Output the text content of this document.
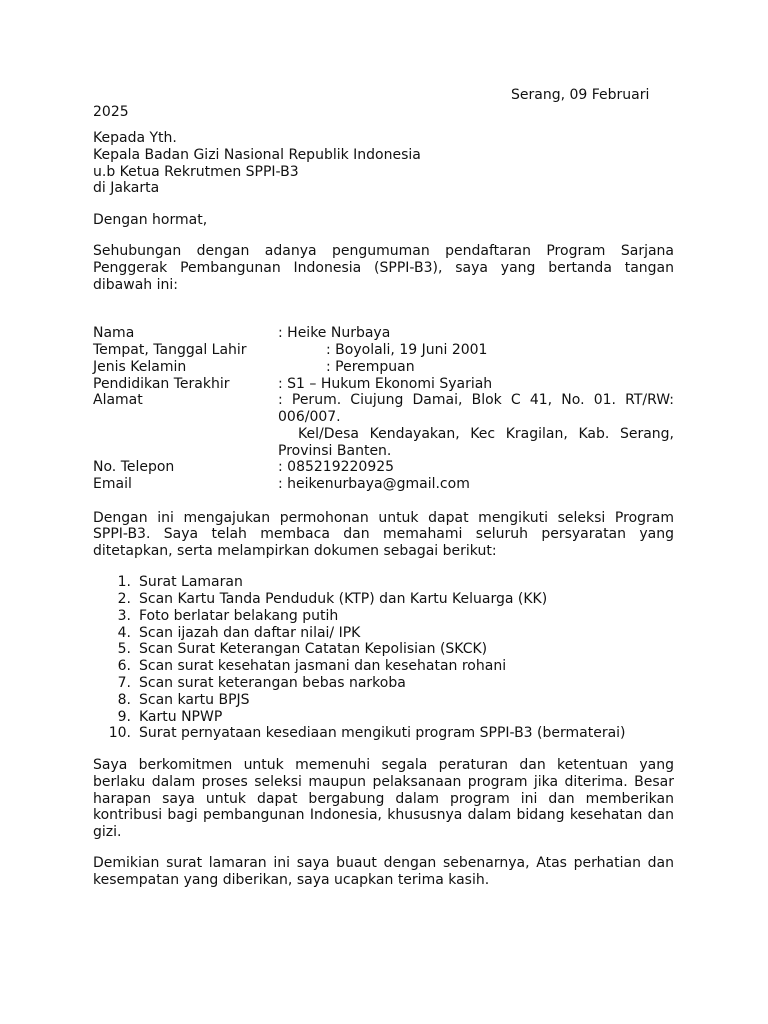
Serang, 09 Februari
2025
Kepada Yth.
Kepala Badan Gizi Nasional Republik Indonesia
u.b Ketua Rekrutmen SPPI-B3
di Jakarta
Dengan hormat,
Sehubungan dengan adanya pengumuman pendaftaran Program Sarjana
Penggerak Pembangunan Indonesia (SPPI-B3), saya yang bertanda tangan
dibawah ini:
Nama	: Heike Nurbaya
Tempat, Tanggal Lahir	: Boyolali, 19 Juni 2001
Jenis Kelamin	: Perempuan
Pendidikan Terakhir	: S1 – Hukum Ekonomi Syariah
Alamat	: Perum. Ciujung Damai, Blok C 41, No. 01. RT/RW:
006/007.
Kel/Desa Kendayakan, Kec Kragilan, Kab. Serang,
Provinsi Banten.
No. Telepon	: 085219220925
Email	: heikenurbaya@gmail.com
Dengan ini mengajukan permohonan untuk dapat mengikuti seleksi Program
SPPI-B3. Saya telah membaca dan memahami seluruh persyaratan yang
ditetapkan, serta melampirkan dokumen sebagai berikut:
1. Surat Lamaran
2. Scan Kartu Tanda Penduduk (KTP) dan Kartu Keluarga (KK)
3. Foto berlatar belakang putih
4. Scan ijazah dan daftar nilai/ IPK
5. Scan Surat Keterangan Catatan Kepolisian (SKCK)
6. Scan surat kesehatan jasmani dan kesehatan rohani
7. Scan surat keterangan bebas narkoba
8. Scan kartu BPJS
9. Kartu NPWP
10. Surat pernyataan kesediaan mengikuti program SPPI-B3 (bermaterai)
Saya berkomitmen untuk memenuhi segala peraturan dan ketentuan yang
berlaku dalam proses seleksi maupun pelaksanaan program jika diterima. Besar
harapan saya untuk dapat bergabung dalam program ini dan memberikan
kontribusi bagi pembangunan Indonesia, khususnya dalam bidang kesehatan dan
gizi.
Demikian surat lamaran ini saya buaut dengan sebenarnya, Atas perhatian dan
kesempatan yang diberikan, saya ucapkan terima kasih.
